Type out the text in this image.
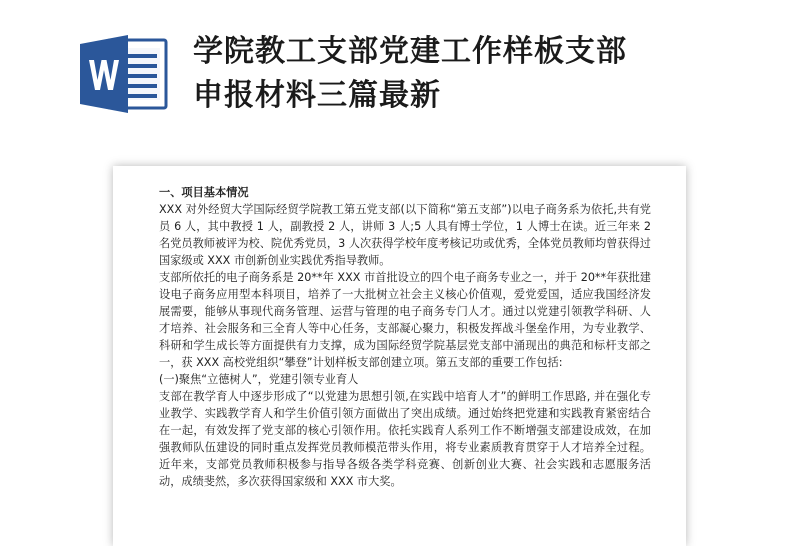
学院教工支部党建工作样板支部
申报材料三篇最新

一、项目基本情况

XXX 对外经贸大学国际经贸学院教工第五党支部(以下简称“第五支部”)以电子商务系为依托,共有党员 6 人，其中教授 1 人，副教授 2 人，讲师 3 人;5 人具有博士学位，1 人博士在读。近三年来 2 名党员教师被评为校、院优秀党员，3 人次获得学校年度考核记功或优秀，全体党员教师均曾获得过国家级或 XXX 市创新创业实践优秀指导教师。

支部所依托的电子商务系是 20**年 XXX 市首批设立的四个电子商务专业之一，并于 20**年获批建设电子商务应用型本科项目，培养了一大批树立社会主义核心价值观，爱党爱国，适应我国经济发展需要，能够从事现代商务管理、运营与管理的电子商务专门人才。通过以党建引领教学科研、人才培养、社会服务和三全育人等中心任务，支部凝心聚力，积极发挥战斗堡垒作用，为专业教学、科研和学生成长等方面提供有力支撑，成为国际经贸学院基层党支部中涌现出的典范和标杆支部之一，获 XXX 高校党组织“攀登”计划样板支部创建立项。第五支部的重要工作包括:

(一)聚焦“立德树人”，党建引领专业育人

支部在教学育人中逐步形成了“以党建为思想引领,在实践中培育人才”的鲜明工作思路, 并在强化专业教学、实践教学育人和学生价值引领方面做出了突出成绩。通过始终把党建和实践教育紧密结合在一起，有效发挥了党支部的核心引领作用。依托实践育人系列工作不断增强支部建设成效，在加强教师队伍建设的同时重点发挥党员教师模范带头作用，将专业素质教育贯穿于人才培养全过程。近年来，支部党员教师积极参与指导各级各类学科竞赛、创新创业大赛、社会实践和志愿服务活动，成绩斐然，多次获得国家级和 XXX 市大奖。
